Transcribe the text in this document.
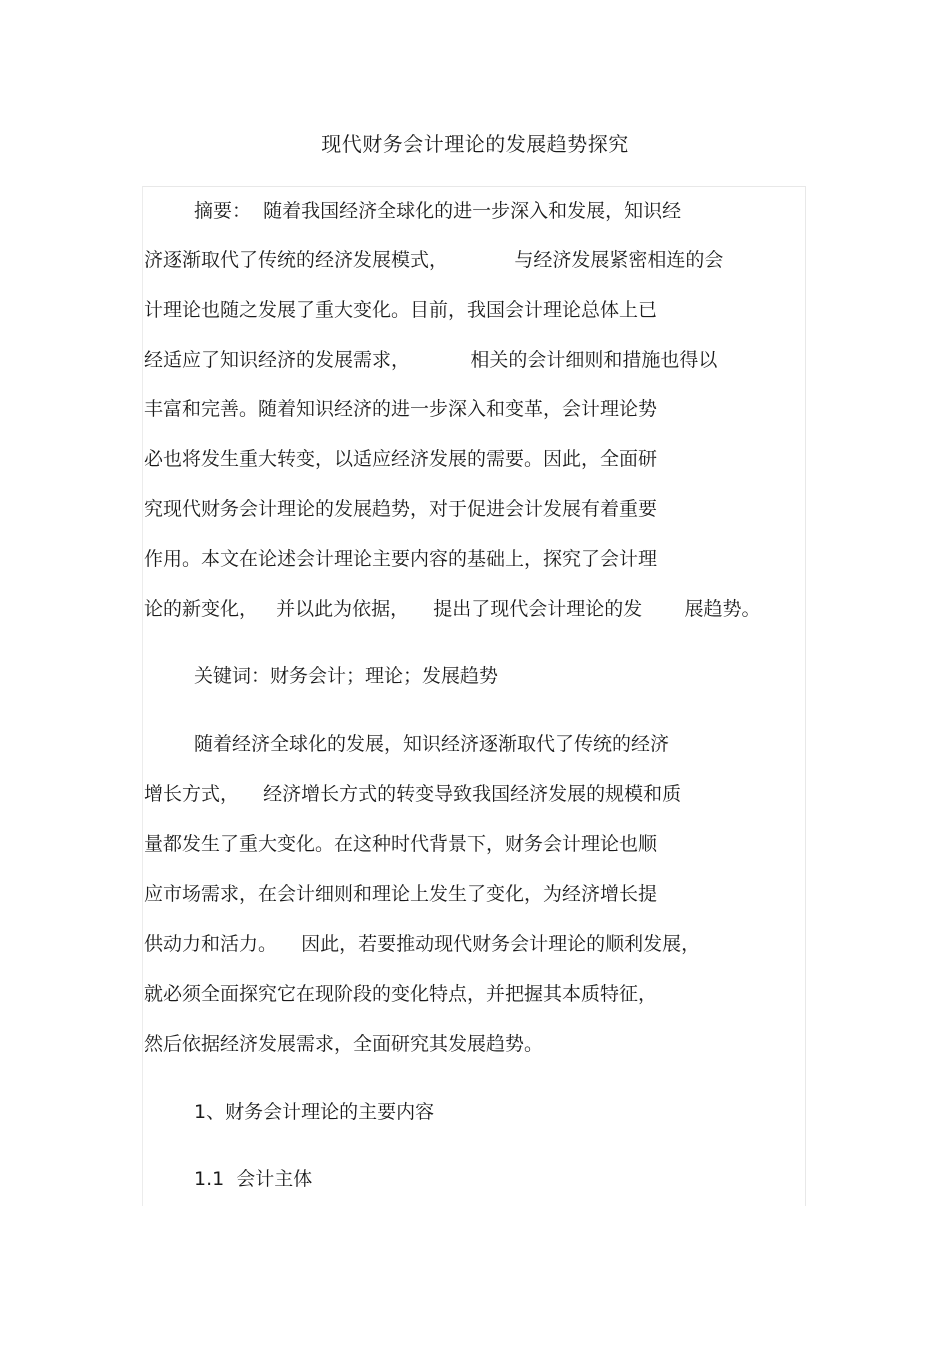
现代财务会计理论的发展趋势探究
摘要：  随着我国经济全球化的进一步深入和发展，知识经
济逐渐取代了传统的经济发展模式，           与经济发展紧密相连的会
计理论也随之发展了重大变化。目前，我国会计理论总体上已
经适应了知识经济的发展需求，          相关的会计细则和措施也得以
丰富和完善。随着知识经济的进一步深入和变革，会计理论势
必也将发生重大转变，以适应经济发展的需要。因此，全面研
究现代财务会计理论的发展趋势，对于促进会计发展有着重要
作用。本文在论述会计理论主要内容的基础上，探究了会计理
论的新变化，   并以此为依据，    提出了现代会计理论的发       展趋势。
关键词：财务会计；理论；发展趋势
随着经济全球化的发展，知识经济逐渐取代了传统的经济
增长方式，    经济增长方式的转变导致我国经济发展的规模和质
量都发生了重大变化。在这种时代背景下，财务会计理论也顺
应市场需求，在会计细则和理论上发生了变化，为经济增长提
供动力和活力。    因此，若要推动现代财务会计理论的顺利发展，
就必须全面探究它在现阶段的变化特点，并把握其本质特征，
然后依据经济发展需求，全面研究其发展趋势。
1、财务会计理论的主要内容
1.1  会计主体
